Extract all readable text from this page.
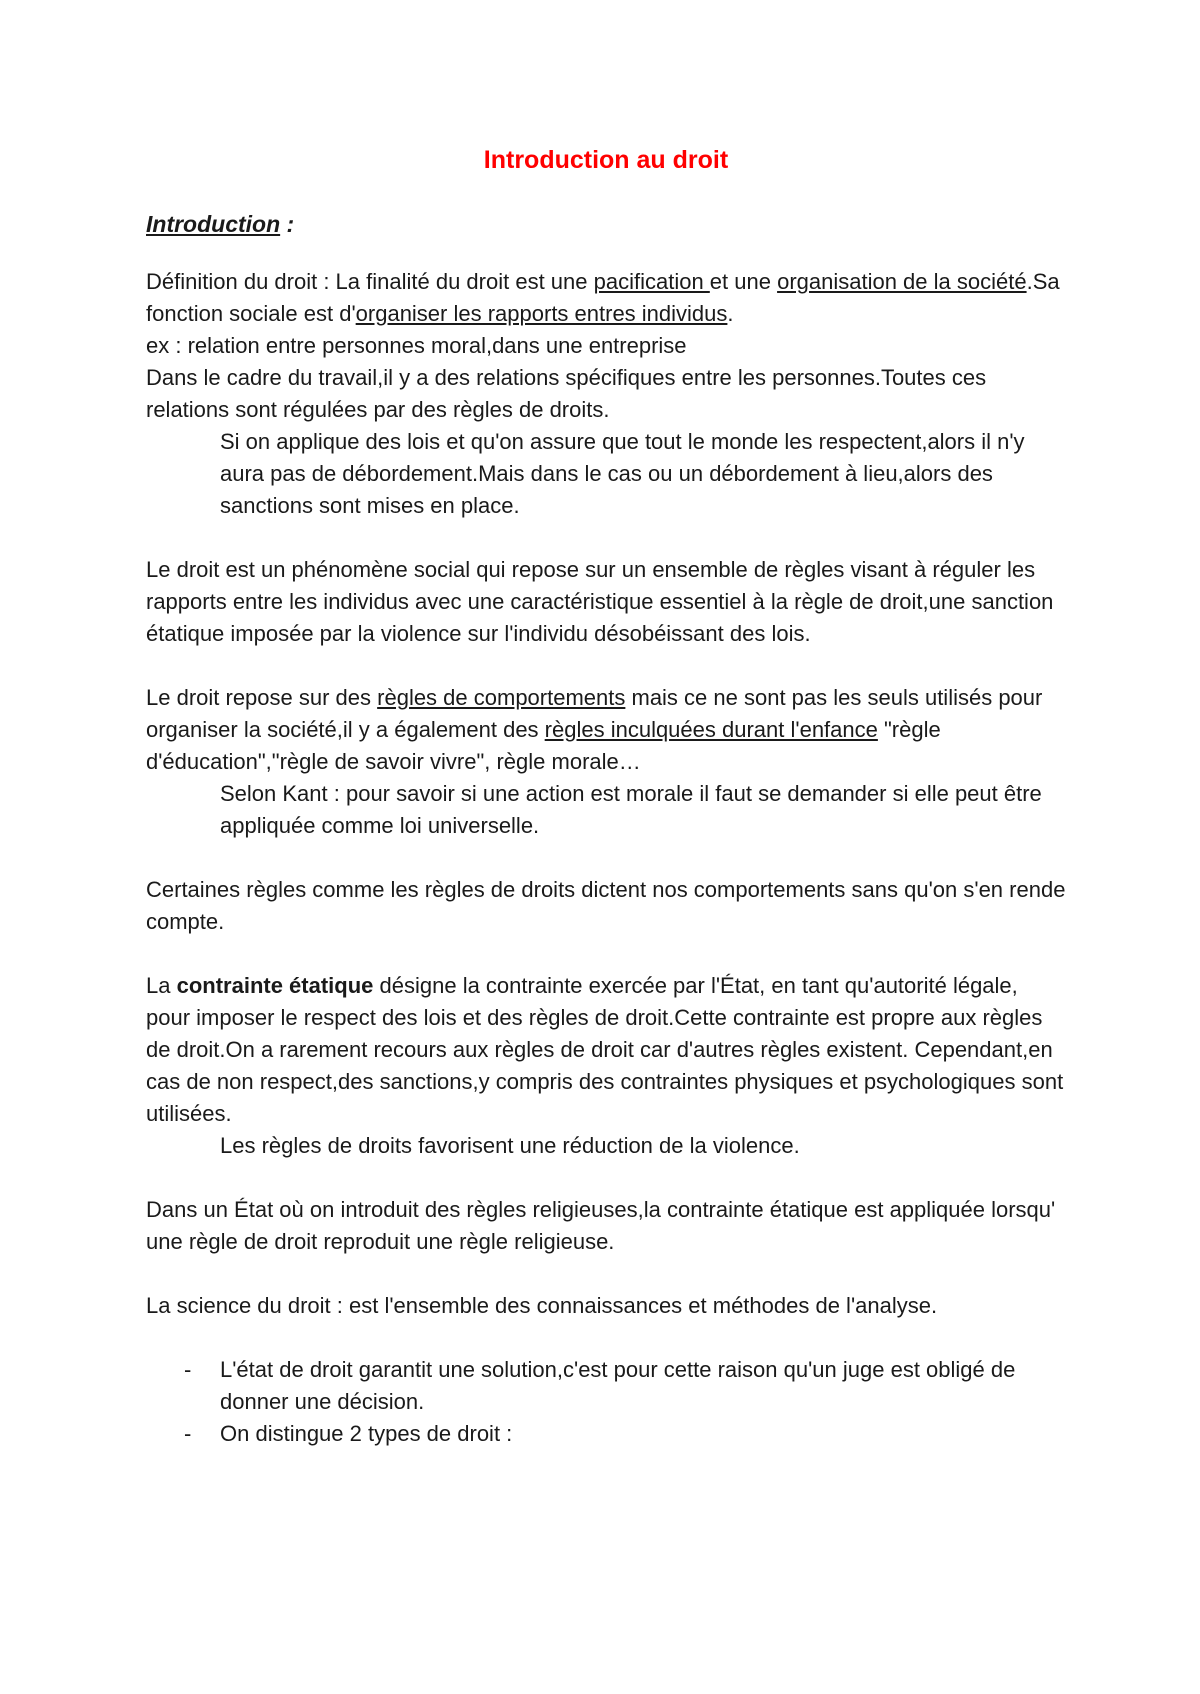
Introduction au droit
Introduction :

Définition du droit : La finalité du droit est une pacification et une organisation de la société.Sa fonction sociale est d'organiser les rapports entres individus.

ex : relation entre personnes moral,dans une entreprise

Dans le cadre du travail,il y a des relations spécifiques entre les personnes.Toutes ces relations sont régulées par des règles de droits.

Si on applique des lois et qu'on assure que tout le monde les respectent,alors il n'y aura pas de débordement.Mais dans le cas ou un débordement à lieu,alors des sanctions sont mises en place.

Le droit est un phénomène social qui repose sur un ensemble de règles visant à réguler les rapports entre les individus avec une caractéristique essentiel à la règle de droit,une sanction étatique imposée par la violence sur l'individu désobéissant des lois.

Le droit repose sur des règles de comportements mais ce ne sont pas les seuls utilisés pour organiser la société,il y a également des règles inculquées durant l'enfance "règle d'éducation","règle de savoir vivre", règle morale…

Selon Kant : pour savoir si une action est morale il faut se demander si elle peut être appliquée comme loi universelle.

Certaines règles comme les règles de droits dictent nos comportements sans qu'on s'en rende compte.

La contrainte étatique désigne la contrainte exercée par l'État, en tant qu'autorité légale, pour imposer le respect des lois et des règles de droit.Cette contrainte est propre aux règles de droit.On a rarement recours aux règles de droit car d'autres règles existent. Cependant,en cas de non respect,des sanctions,y compris des contraintes physiques et psychologiques sont utilisées.

Les règles de droits favorisent une réduction de la violence.

Dans un État où on introduit des règles religieuses,la contrainte étatique est appliquée lorsqu' une règle de droit reproduit une règle religieuse.

La science du droit : est l'ensemble des connaissances et méthodes de l'analyse.

- L'état de droit garantit une solution,c'est pour cette raison qu'un juge est obligé de donner une décision.
- On distingue 2 types de droit :
